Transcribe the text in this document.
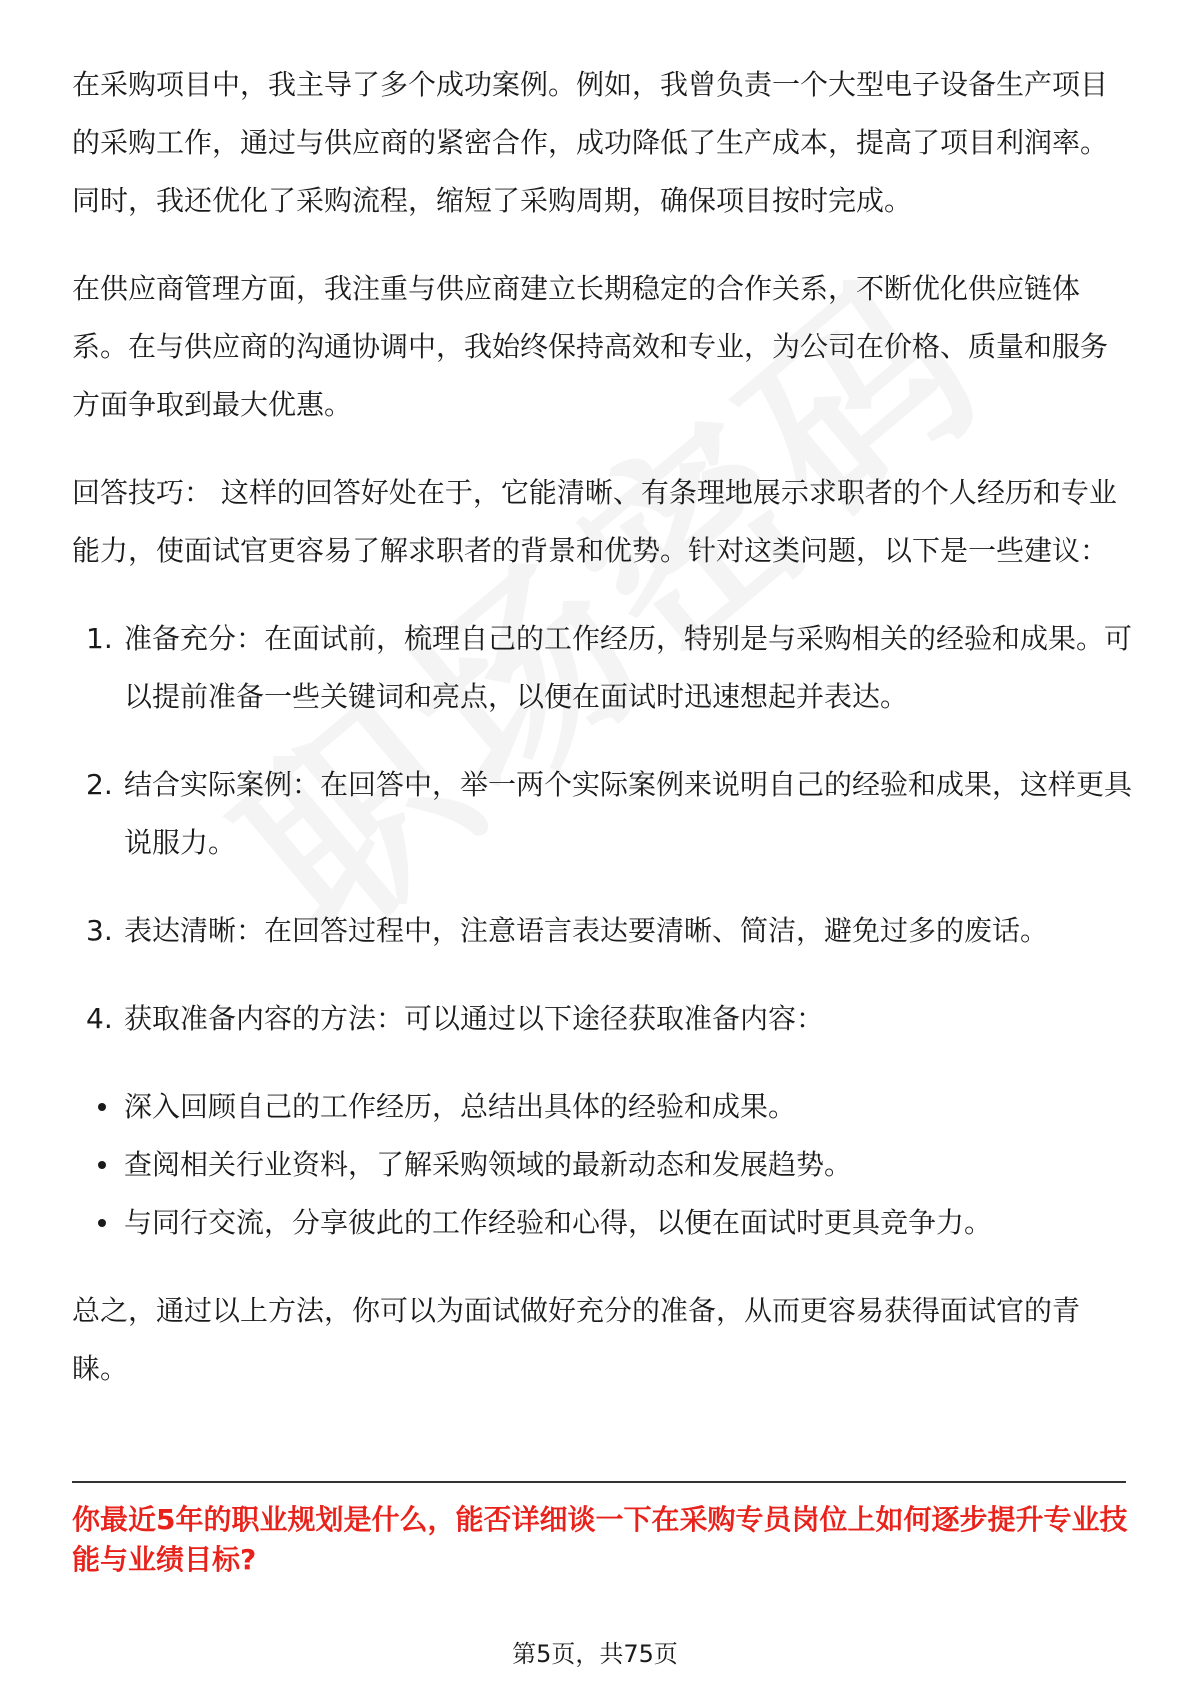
在采购项目中，我主导了多个成功案例。例如，我曾负责一个大型电子设备生产项目的采购工作，通过与供应商的紧密合作，成功降低了生产成本，提高了项目利润率。同时，我还优化了采购流程，缩短了采购周期，确保项目按时完成。

在供应商管理方面，我注重与供应商建立长期稳定的合作关系，不断优化供应链体系。在与供应商的沟通协调中，我始终保持高效和专业，为公司在价格、质量和服务方面争取到最大优惠。

回答技巧： 这样的回答好处在于，它能清晰、有条理地展示求职者的个人经历和专业能力，使面试官更容易了解求职者的背景和优势。针对这类问题，以下是一些建议：

1. 准备充分：在面试前，梳理自己的工作经历，特别是与采购相关的经验和成果。可以提前准备一些关键词和亮点，以便在面试时迅速想起并表达。
2. 结合实际案例：在回答中，举一两个实际案例来说明自己的经验和成果，这样更具说服力。
3. 表达清晰：在回答过程中，注意语言表达要清晰、简洁，避免过多的废话。
4. 获取准备内容的方法：可以通过以下途径获取准备内容：
深入回顾自己的工作经历，总结出具体的经验和成果。
查阅相关行业资料，了解采购领域的最新动态和发展趋势。
与同行交流，分享彼此的工作经验和心得，以便在面试时更具竞争力。

总之，通过以上方法，你可以为面试做好充分的准备，从而更容易获得面试官的青睐。

你最近5年的职业规划是什么，能否详细谈一下在采购专员岗位上如何逐步提升专业技能与业绩目标?
第5页，共75页
